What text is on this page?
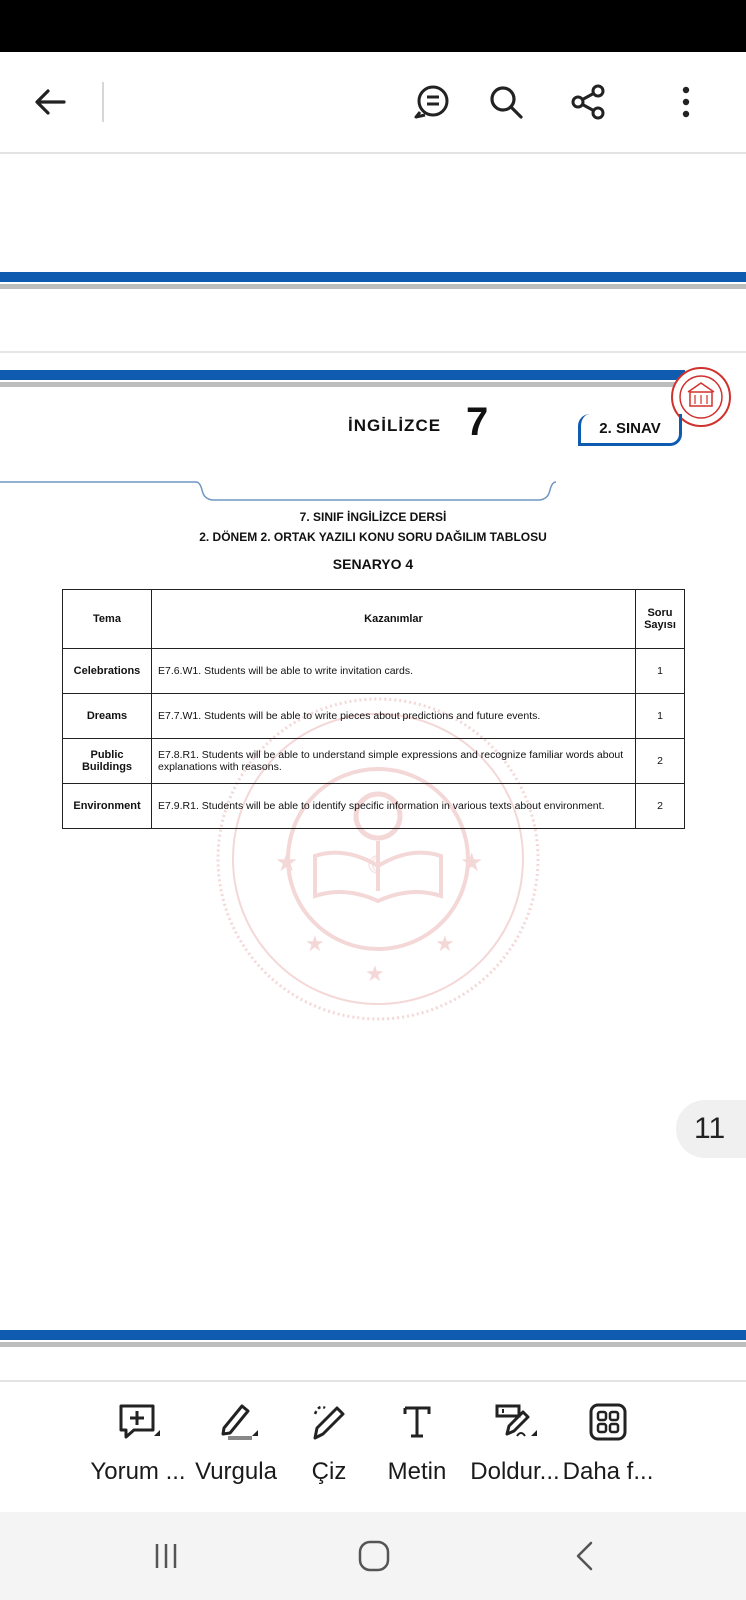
İNGİLİZCE 7	2. SINAV
7. SINIF İNGİLİZCE DERSİ
2. DÖNEM 2. ORTAK YAZILI KONU SORU DAĞILIM TABLOSU
SENARYO 4
☾
★	★
★	★
★
Tema	Kazanımlar	Soru Sayısı
Celebrations	E7.6.W1. Students will be able to write invitation cards.	1
Dreams	E7.7.W1. Students will be able to write pieces about predictions and future events.	1
Public Buildings	E7.8.R1. Students will be able to understand simple expressions and recognize familiar words about explanations with reasons.	2
Environment	E7.9.R1. Students will be able to identify specific information in various texts about environment.	2
11
Yorum ... Vurgula Çiz Metin Doldur... Daha f...
